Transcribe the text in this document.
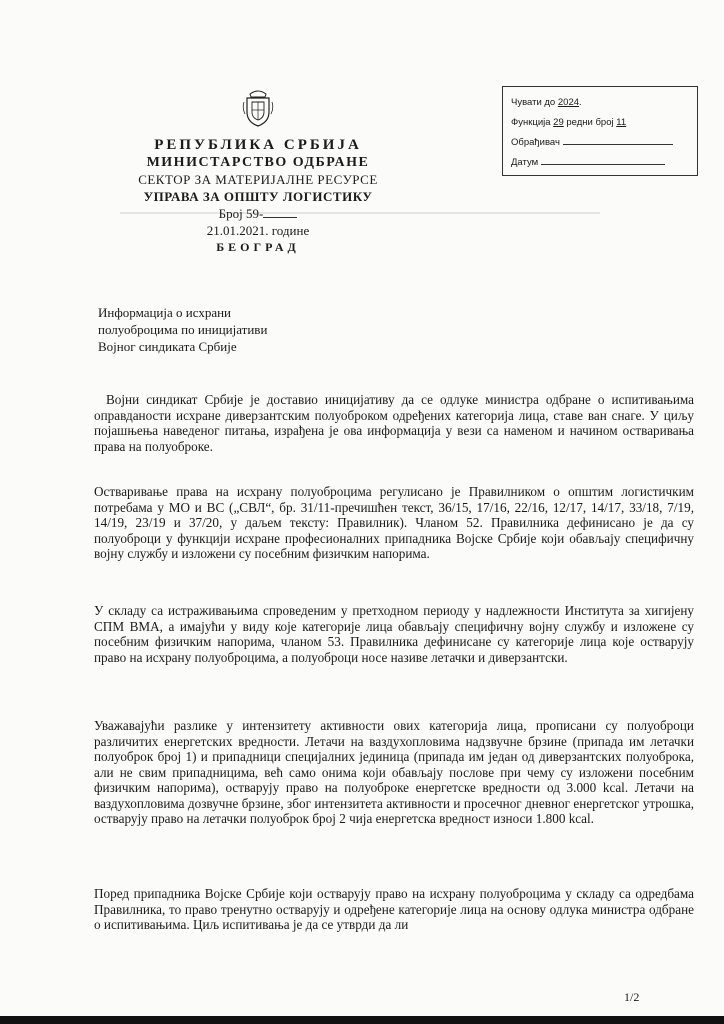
РЕПУБЛИКА СРБИЈА
МИНИСТАРСТВО ОДБРАНЕ
СЕКТОР ЗА МАТЕРИЈАЛНЕ РЕСУРСЕ
УПРАВА ЗА ОПШТУ ЛОГИСТИКУ
Број 59-
21.01.2021. године
БЕОГРАД
Чувати до 2024.
Функција 29 редни број 11
Обрађивач
Датум
Информација о исхрани
полуоброцима по иницијативи
Војног синдиката Србије
Војни синдикат Србије је доставио иницијативу да се одлуке министра одбране о испитивањима оправданости исхране диверзантским полуоброком одређених категорија лица, ставе ван снаге. У циљу појашњења наведеног питања, израђена је ова информација у вези са наменом и начином остваривања права на полуоброке.
Остваривање права на исхрану полуоброцима регулисано је Правилником о општим логистичким потребама у МО и ВС („СВЛ“, бр. 31/11-пречишћен текст, 36/15, 17/16, 22/16, 12/17, 14/17, 33/18, 7/19, 14/19, 23/19 и 37/20, у даљем тексту: Правилник). Чланом 52. Правилника дефинисано је да су полуоброци у функцији исхране професионалних припадника Војске Србије који обављају специфичну војну службу и изложени су посебним физичким напорима.
У складу са истраживањима спроведеним у претходном периоду у надлежности Института за хигијену СПМ ВМА, а имајући у виду које категорије лица обављају специфичну војну службу и изложене су посебним физичким напорима, чланом 53. Правилника дефинисане су категорије лица које остварују право на исхрану полуоброцима, а полуоброци носе називе летачки и диверзантски.
Уважавајући разлике у интензитету активности ових категорија лица, прописани су полуоброци различитих енергетских вредности. Летачи на ваздухопловима надзвучне брзине (припада им летачки полуоброк број 1) и припадници специјалних јединица (припада им један од диверзантских полуоброка, али не свим припадницима, већ само онима који обављају послове при чему су изложени посебним физичким напорима), остварују право на полуоброке енергетске вредности од 3.000 kcal. Летачи на ваздухопловима дозвучне брзине, због интензитета активности и просечног дневног енергетског утрошка, остварују право на летачки полуоброк број 2 чија енергетска вредност износи 1.800 kcal.
Поред припадника Војске Србије који остварују право на исхрану полуоброцима у складу са одредбама Правилника, то право тренутно остварују и одређене категорије лица на основу одлука министра одбране о испитивањима. Циљ испитивања је да се утврди да ли
1/2
